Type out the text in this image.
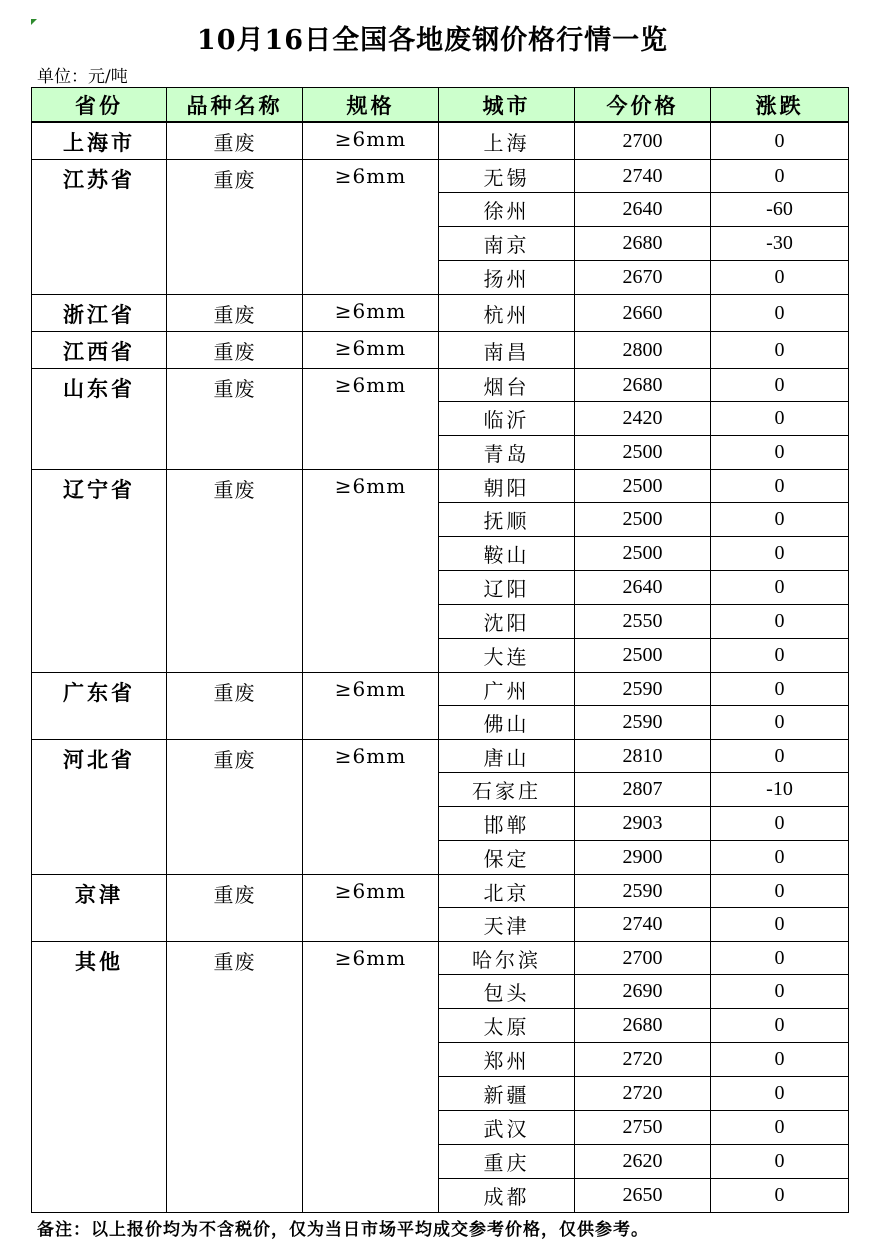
10月16日全国各地废钢价格行情一览
单位：元/吨
省份	品种名称	规格	城市	今价格	涨跌
上海市	重废	≥6mm	上海	2700	0
江苏省	重废	≥6mm	无锡	2740	0
			徐州	2640	-60
			南京	2680	-30
			扬州	2670	0
浙江省	重废	≥6mm	杭州	2660	0
江西省	重废	≥6mm	南昌	2800	0
山东省	重废	≥6mm	烟台	2680	0
			临沂	2420	0
			青岛	2500	0
辽宁省	重废	≥6mm	朝阳	2500	0
			抚顺	2500	0
			鞍山	2500	0
			辽阳	2640	0
			沈阳	2550	0
			大连	2500	0
广东省	重废	≥6mm	广州	2590	0
			佛山	2590	0
河北省	重废	≥6mm	唐山	2810	0
			石家庄	2807	-10
			邯郸	2903	0
			保定	2900	0
京津	重废	≥6mm	北京	2590	0
			天津	2740	0
其他	重废	≥6mm	哈尔滨	2700	0
			包头	2690	0
			太原	2680	0
			郑州	2720	0
			新疆	2720	0
			武汉	2750	0
			重庆	2620	0
			成都	2650	0
备注：以上报价均为不含税价，仅为当日市场平均成交参考价格，仅供参考。
